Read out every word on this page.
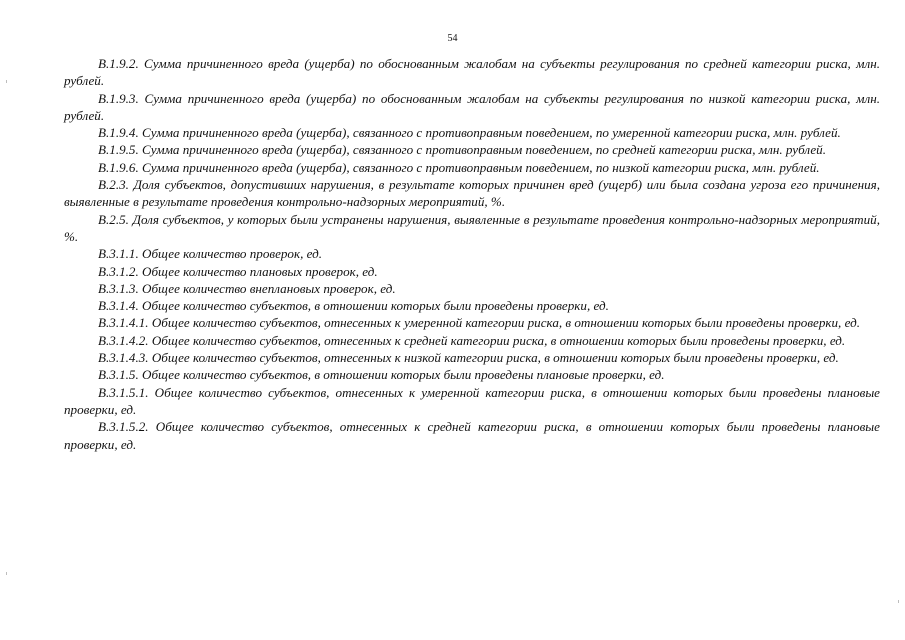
54

В.1.9.2. Сумма причиненного вреда (ущерба) по обоснованным жалобам на субъекты регулирования по средней категории риска, млн. рублей.

В.1.9.3. Сумма причиненного вреда (ущерба) по обоснованным жалобам на субъекты регулирования по низкой категории риска, млн. рублей.

В.1.9.4. Сумма причиненного вреда (ущерба), связанного с противоправным поведением, по умеренной категории риска, млн. рублей.

В.1.9.5. Сумма причиненного вреда (ущерба), связанного с противоправным поведением, по средней категории риска, млн. рублей.

В.1.9.6. Сумма причиненного вреда (ущерба), связанного с противоправным поведением, по низкой категории риска, млн. рублей.

В.2.3. Доля субъектов, допустивших нарушения, в результате которых причинен вред (ущерб) или была создана угроза его причинения, выявленные в результате проведения контрольно-надзорных мероприятий, %.

В.2.5. Доля субъектов, у которых были устранены нарушения, выявленные в результате проведения контрольно-надзорных мероприятий, %.

В.3.1.1. Общее количество проверок, ед.

В.3.1.2. Общее количество плановых проверок, ед.

В.3.1.3. Общее количество внеплановых проверок, ед.

В.3.1.4. Общее количество субъектов, в отношении которых были проведены проверки, ед.

В.3.1.4.1. Общее количество субъектов, отнесенных к умеренной категории риска, в отношении которых были проведены проверки, ед.

В.3.1.4.2. Общее количество субъектов, отнесенных к средней категории риска, в отношении которых были проведены проверки, ед.

В.3.1.4.3. Общее количество субъектов, отнесенных к низкой категории риска, в отношении которых были проведены проверки, ед.

В.3.1.5. Общее количество субъектов, в отношении которых были проведены плановые проверки, ед.

В.3.1.5.1. Общее количество субъектов, отнесенных к умеренной категории риска, в отношении которых были проведены плановые проверки, ед.

В.3.1.5.2. Общее количество субъектов, отнесенных к средней категории риска, в отношении которых были проведены плановые проверки, ед.
